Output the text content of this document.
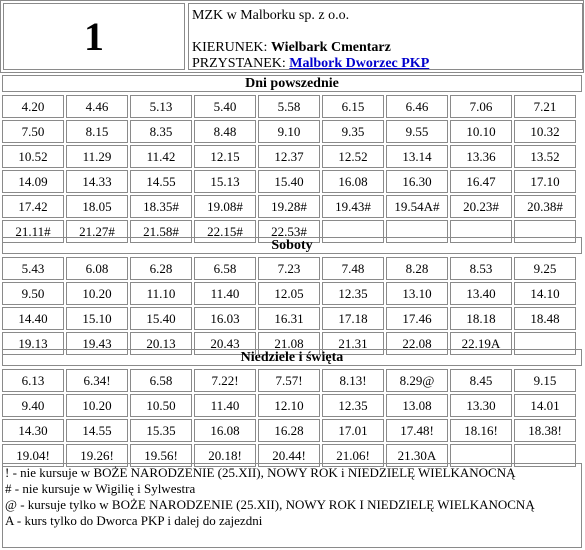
1	MZK w Malborku sp. z o.o.
KIERUNEK: Wielbark Cmentarz
PRZYSTANEK: Malbork Dworzec PKP
Dni powszednie
4.20	4.46	5.13	5.40	5.58	6.15	6.46	7.06	7.21
7.50	8.15	8.35	8.48	9.10	9.35	9.55	10.10	10.32
10.52	11.29	11.42	12.15	12.37	12.52	13.14	13.36	13.52
14.09	14.33	14.55	15.13	15.40	16.08	16.30	16.47	17.10
17.42	18.05	18.35#	19.08#	19.28#	19.43#	19.54A#	20.23#	20.38#
21.11#	21.27#	21.58#	22.15#	22.53#
Soboty
5.43	6.08	6.28	6.58	7.23	7.48	8.28	8.53	9.25
9.50	10.20	11.10	11.40	12.05	12.35	13.10	13.40	14.10
14.40	15.10	15.40	16.03	16.31	17.18	17.46	18.18	18.48
19.13	19.43	20.13	20.43	21.08	21.31	22.08	22.19A
Niedziele i święta
6.13	6.34!	6.58	7.22!	7.57!	8.13!	8.29@	8.45	9.15
9.40	10.20	10.50	11.40	12.10	12.35	13.08	13.30	14.01
14.30	14.55	15.35	16.08	16.28	17.01	17.48!	18.16!	18.38!
19.04!	19.26!	19.56!	20.18!	20.44!	21.06!	21.30A
! - nie kursuje w BOŻE NARODZENIE (25.XII), NOWY ROK i NIEDZIELĘ WIELKANOCNĄ
# - nie kursuje w Wigilię i Sylwestra
@ - kursuje tylko w BOŻE NARODZENIE (25.XII), NOWY ROK I NIEDZIELĘ WIELKANOCNĄ
A - kurs tylko do Dworca PKP i dalej do zajezdni
